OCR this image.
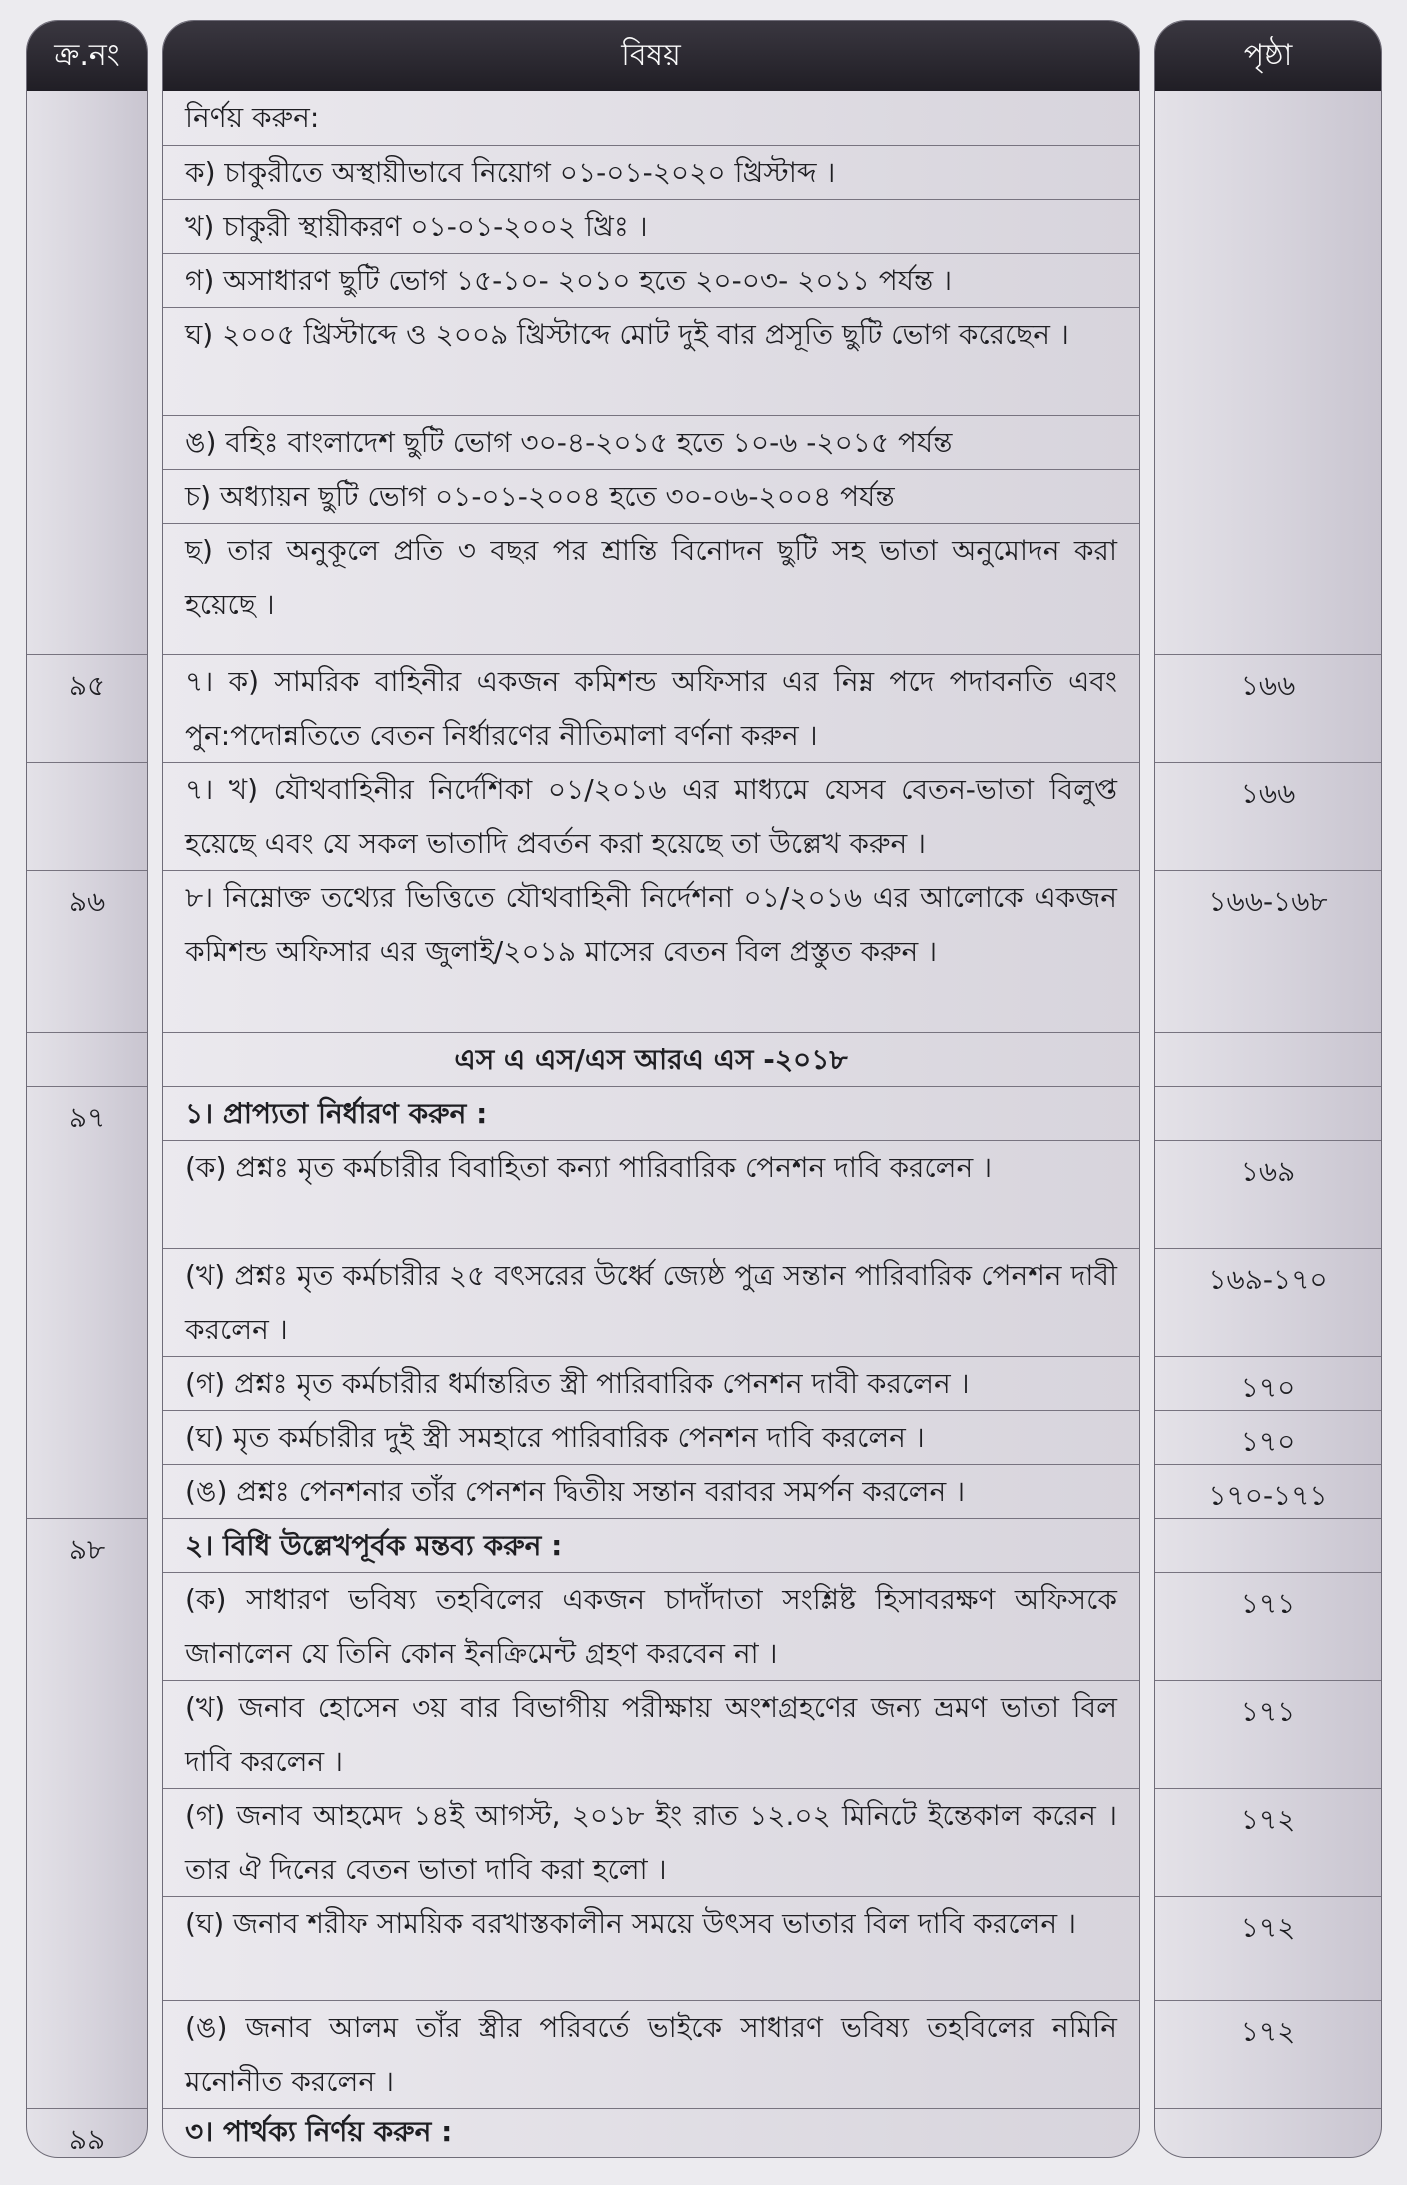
ক্র.নং
৯৫
৯৬
৯৭
৯৮
৯৯
বিষয়
নির্ণয় করুন:
ক) চাকুরীতে অস্থায়ীভাবে নিয়োগ ০১-০১-২০২০ খ্রিস্টাব্দ ।
খ) চাকুরী স্থায়ীকরণ ০১-০১-২০০২ খ্রিঃ ।
গ) অসাধারণ ছুটি ভোগ ১৫-১০- ২০১০ হতে ২০-০৩- ২০১১ পর্যন্ত ।
ঘ) ২০০৫ খ্রিস্টাব্দে ও ২০০৯ খ্রিস্টাব্দে মোট দুই বার প্রসূতি ছুটি ভোগ করেছেন ।
ঙ) বহিঃ বাংলাদেশ ছুটি ভোগ ৩০-৪-২০১৫ হতে ১০-৬ -২০১৫ পর্যন্ত
চ) অধ্যায়ন ছুটি ভোগ ০১-০১-২০০৪ হতে ৩০-০৬-২০০৪ পর্যন্ত
ছ) তার অনুকূলে প্রতি ৩ বছর পর শ্রান্তি বিনোদন ছুটি সহ ভাতা অনুমোদন করা হয়েছে ।
৭। ক) সামরিক বাহিনীর একজন কমিশন্ড অফিসার এর নিম্ন পদে পদাবনতি এবং পুন:পদোন্নতিতে বেতন নির্ধারণের নীতিমালা বর্ণনা করুন ।
৭। খ) যৌথবাহিনীর নির্দেশিকা ০১/২০১৬ এর মাধ্যমে যেসব বেতন-ভাতা বিলুপ্ত হয়েছে এবং যে সকল ভাতাদি প্রবর্তন করা হয়েছে তা উল্লেখ করুন ।
৮। নিম্নোক্ত তথ্যের ভিত্তিতে যৌথবাহিনী নির্দেশনা ০১/২০১৬ এর আলোকে একজন কমিশন্ড অফিসার এর জুলাই/২০১৯ মাসের বেতন বিল প্রস্তুত করুন ।
এস এ এস/এস আরএ এস -২০১৮
১। প্রাপ্যতা নির্ধারণ করুন :
(ক) প্রশ্নঃ মৃত কর্মচারীর বিবাহিতা কন্যা পারিবারিক পেনশন দাবি করলেন ।
(খ) প্রশ্নঃ মৃত কর্মচারীর ২৫ বৎসরের উর্ধ্বে জ্যেষ্ঠ পুত্র সন্তান পারিবারিক পেনশন দাবী করলেন ।
(গ) প্রশ্নঃ মৃত কর্মচারীর ধর্মান্তরিত স্ত্রী পারিবারিক পেনশন দাবী করলেন ।
(ঘ) মৃত কর্মচারীর দুই স্ত্রী সমহারে পারিবারিক পেনশন দাবি করলেন ।
(ঙ) প্রশ্নঃ পেনশনার তাঁর পেনশন দ্বিতীয় সন্তান বরাবর সমর্পন করলেন ।
২। বিধি উল্লেখপূর্বক মন্তব্য করুন :
(ক) সাধারণ ভবিষ্য তহবিলের একজন চাদাঁদাতা সংশ্লিষ্ট হিসাবরক্ষণ অফিসকে জানালেন যে তিনি কোন ইনক্রিমেন্ট গ্রহণ করবেন না ।
(খ) জনাব হোসেন ৩য় বার বিভাগীয় পরীক্ষায় অংশগ্রহণের জন্য ভ্রমণ ভাতা বিল দাবি করলেন ।
(গ) জনাব আহমেদ ১৪ই আগস্ট, ২০১৮ ইং রাত ১২.০২ মিনিটে ইন্তেকাল করেন । তার ঐ দিনের বেতন ভাতা দাবি করা হলো ।
(ঘ) জনাব শরীফ সাময়িক বরখাস্তকালীন সময়ে উৎসব ভাতার বিল দাবি করলেন ।
(ঙ) জনাব আলম তাঁর স্ত্রীর পরিবর্তে ভাইকে সাধারণ ভবিষ্য তহবিলের নমিনি মনোনীত করলেন ।
৩। পার্থক্য নির্ণয় করুন :
পৃষ্ঠা
১৬৬
১৬৬
১৬৬-১৬৮
১৬৯
১৬৯-১৭০
১৭০
১৭০
১৭০-১৭১
১৭১
১৭১
১৭২
১৭২
১৭২
